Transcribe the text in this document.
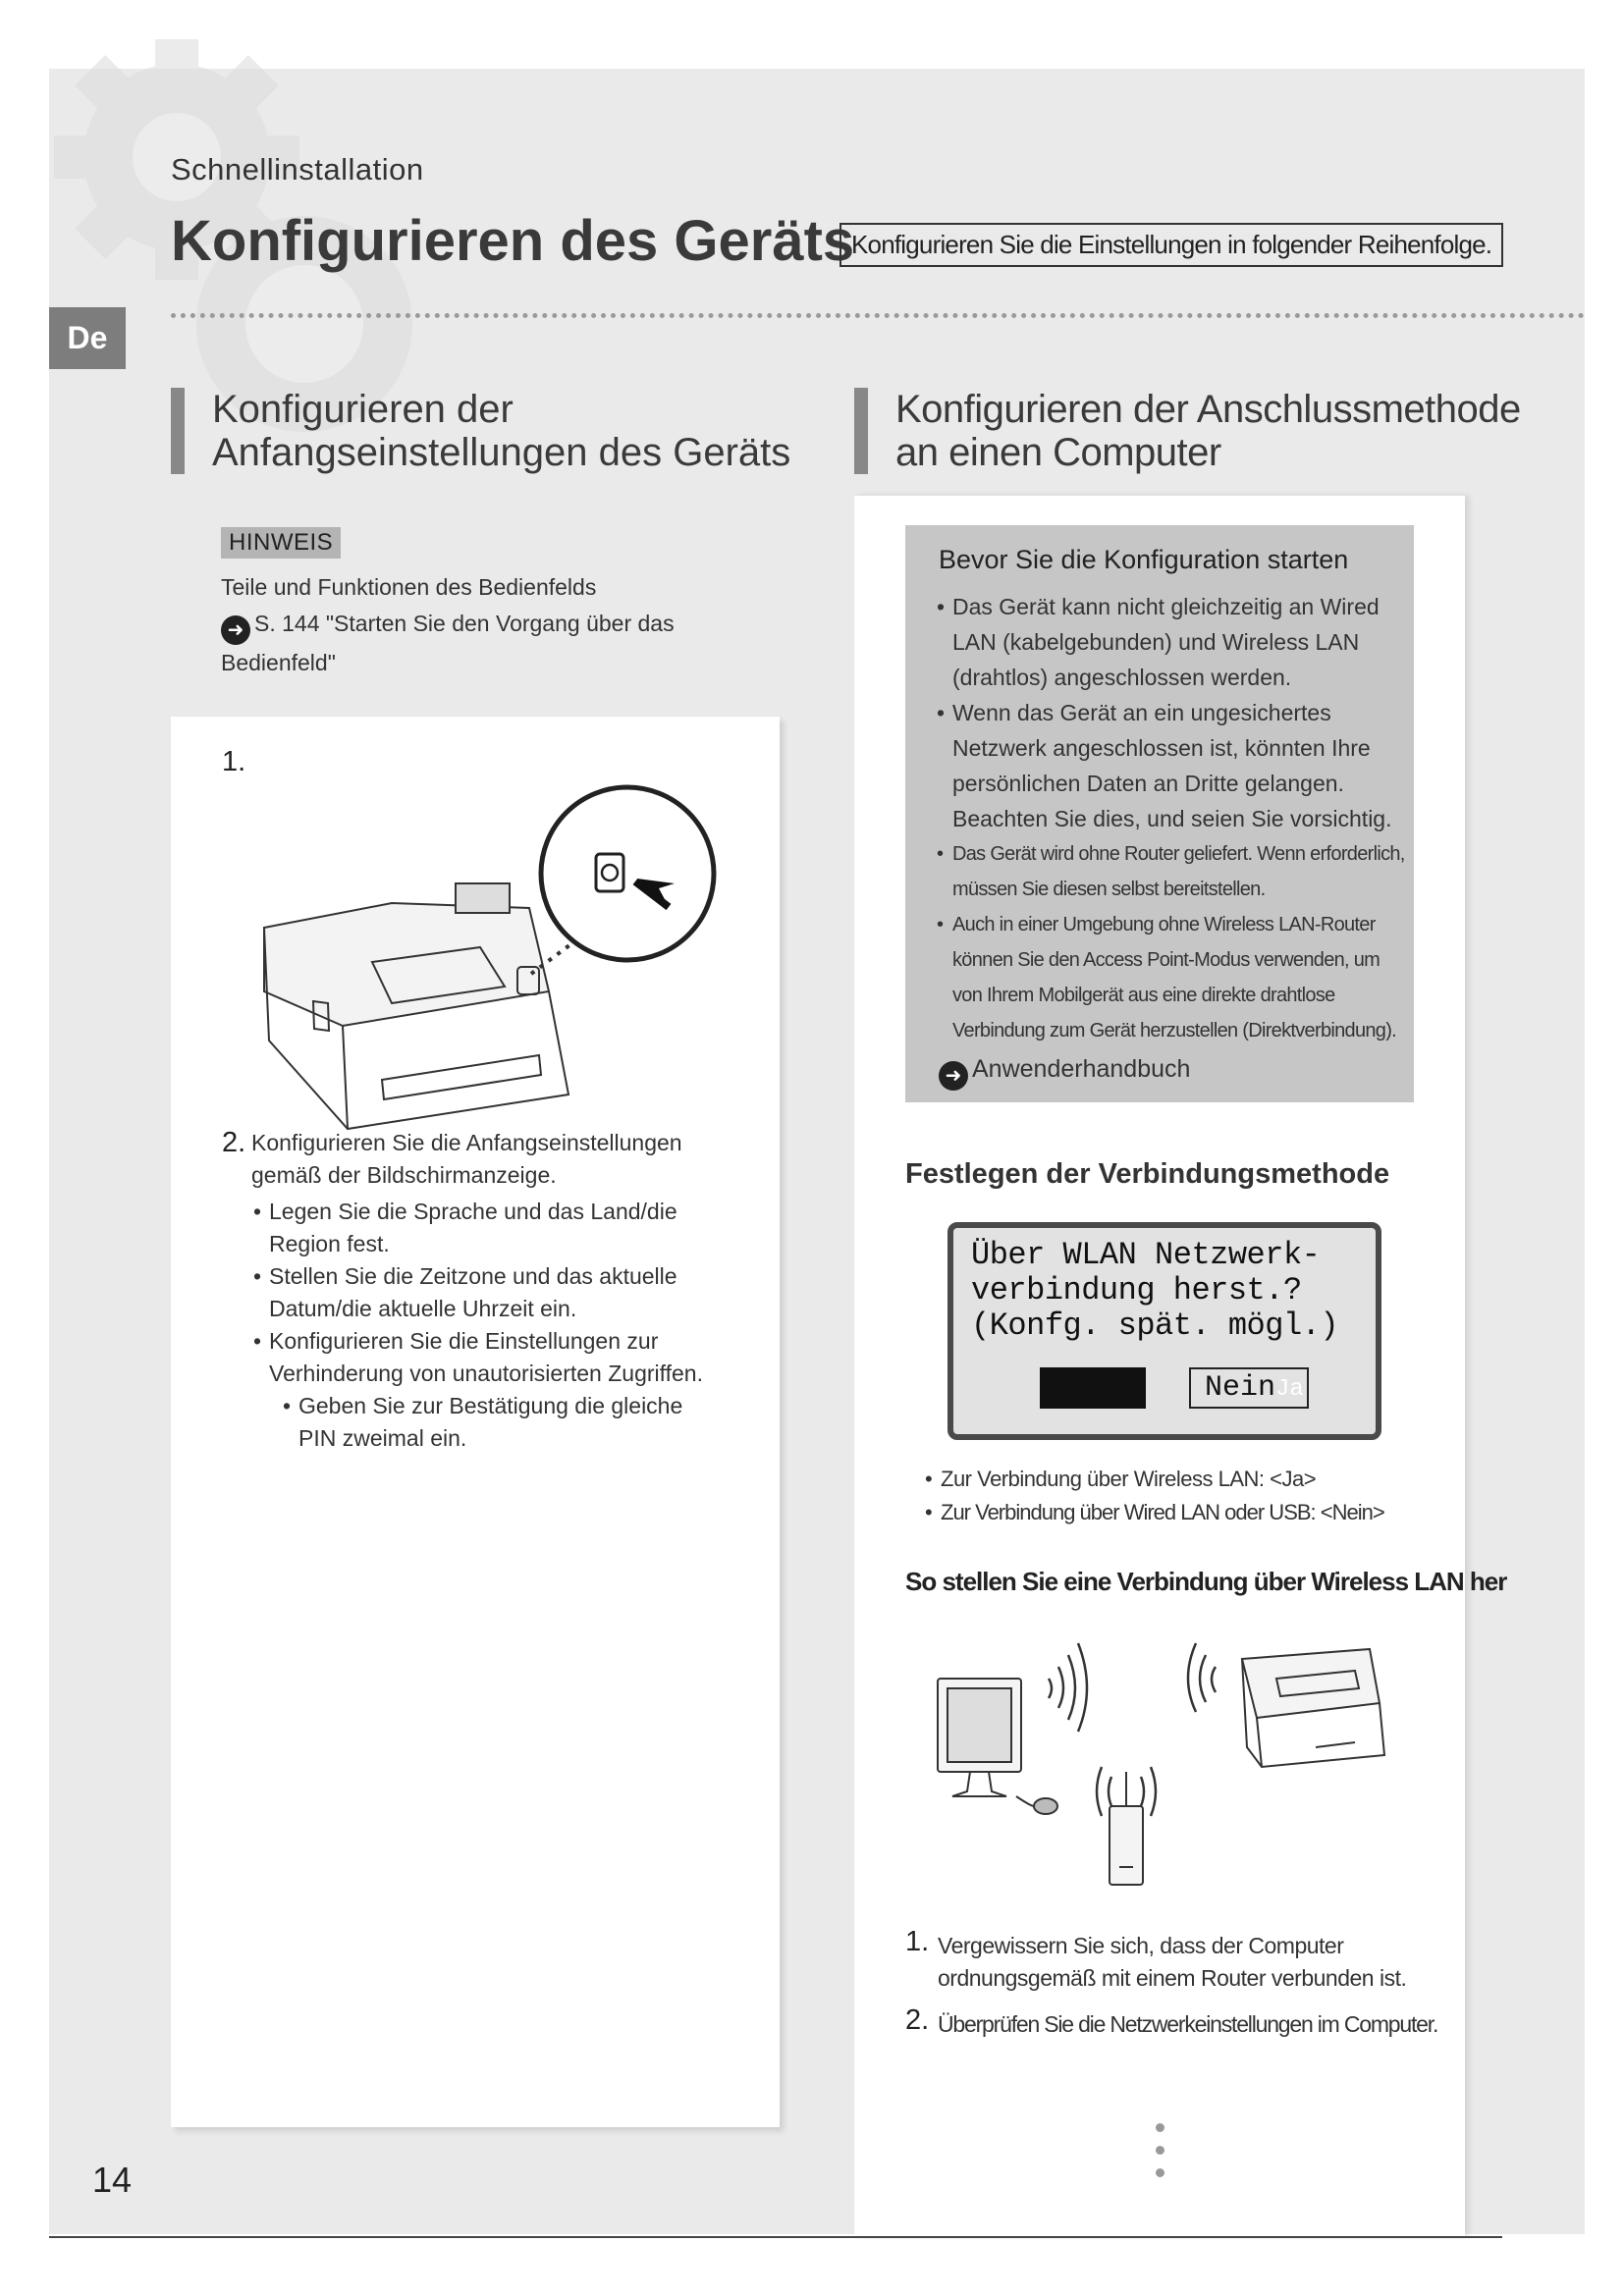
Schnellinstallation
Konfigurieren des Geräts
Konfigurieren Sie die Einstellungen in folgender Reihenfolge.
De
Konfigurieren der
Anfangseinstellungen des Geräts
HINWEIS
Teile und Funktionen des Bedienfelds
➜ S. 144 "Starten Sie den Vorgang über das Bedienfeld"
1.
2. Konfigurieren Sie die Anfangseinstellungen gemäß der Bildschirmanzeige.
• Legen Sie die Sprache und das Land/die Region fest.
• Stellen Sie die Zeitzone und das aktuelle Datum/die aktuelle Uhrzeit ein.
• Konfigurieren Sie die Einstellungen zur Verhinderung von unautorisierten Zugriffen.
• Geben Sie zur Bestätigung die gleiche PIN zweimal ein.
Konfigurieren der Anschlussmethode
an einen Computer
Bevor Sie die Konfiguration starten
• Das Gerät kann nicht gleichzeitig an Wired LAN (kabelgebunden) und Wireless LAN (drahtlos) angeschlossen werden.
• Wenn das Gerät an ein ungesichertes Netzwerk angeschlossen ist, könnten Ihre persönlichen Daten an Dritte gelangen. Beachten Sie dies, und seien Sie vorsichtig.
• Das Gerät wird ohne Router geliefert. Wenn erforderlich, müssen Sie diesen selbst bereitstellen.
• Auch in einer Umgebung ohne Wireless LAN-Router können Sie den Access Point-Modus verwenden, um von Ihrem Mobilgerät aus eine direkte drahtlose Verbindung zum Gerät herzustellen (Direktverbindung).
➜ Anwenderhandbuch
Festlegen der Verbindungsmethode
Über WLAN Netzwerk-
verbindung herst.?
(Konfg. spät. mögl.)
NeinJa
• Zur Verbindung über Wireless LAN: <Ja>
• Zur Verbindung über Wired LAN oder USB: <Nein>
So stellen Sie eine Verbindung über Wireless LAN her
1. Vergewissern Sie sich, dass der Computer ordnungsgemäß mit einem Router verbunden ist.
2. Überprüfen Sie die Netzwerkeinstellungen im Computer.
14
